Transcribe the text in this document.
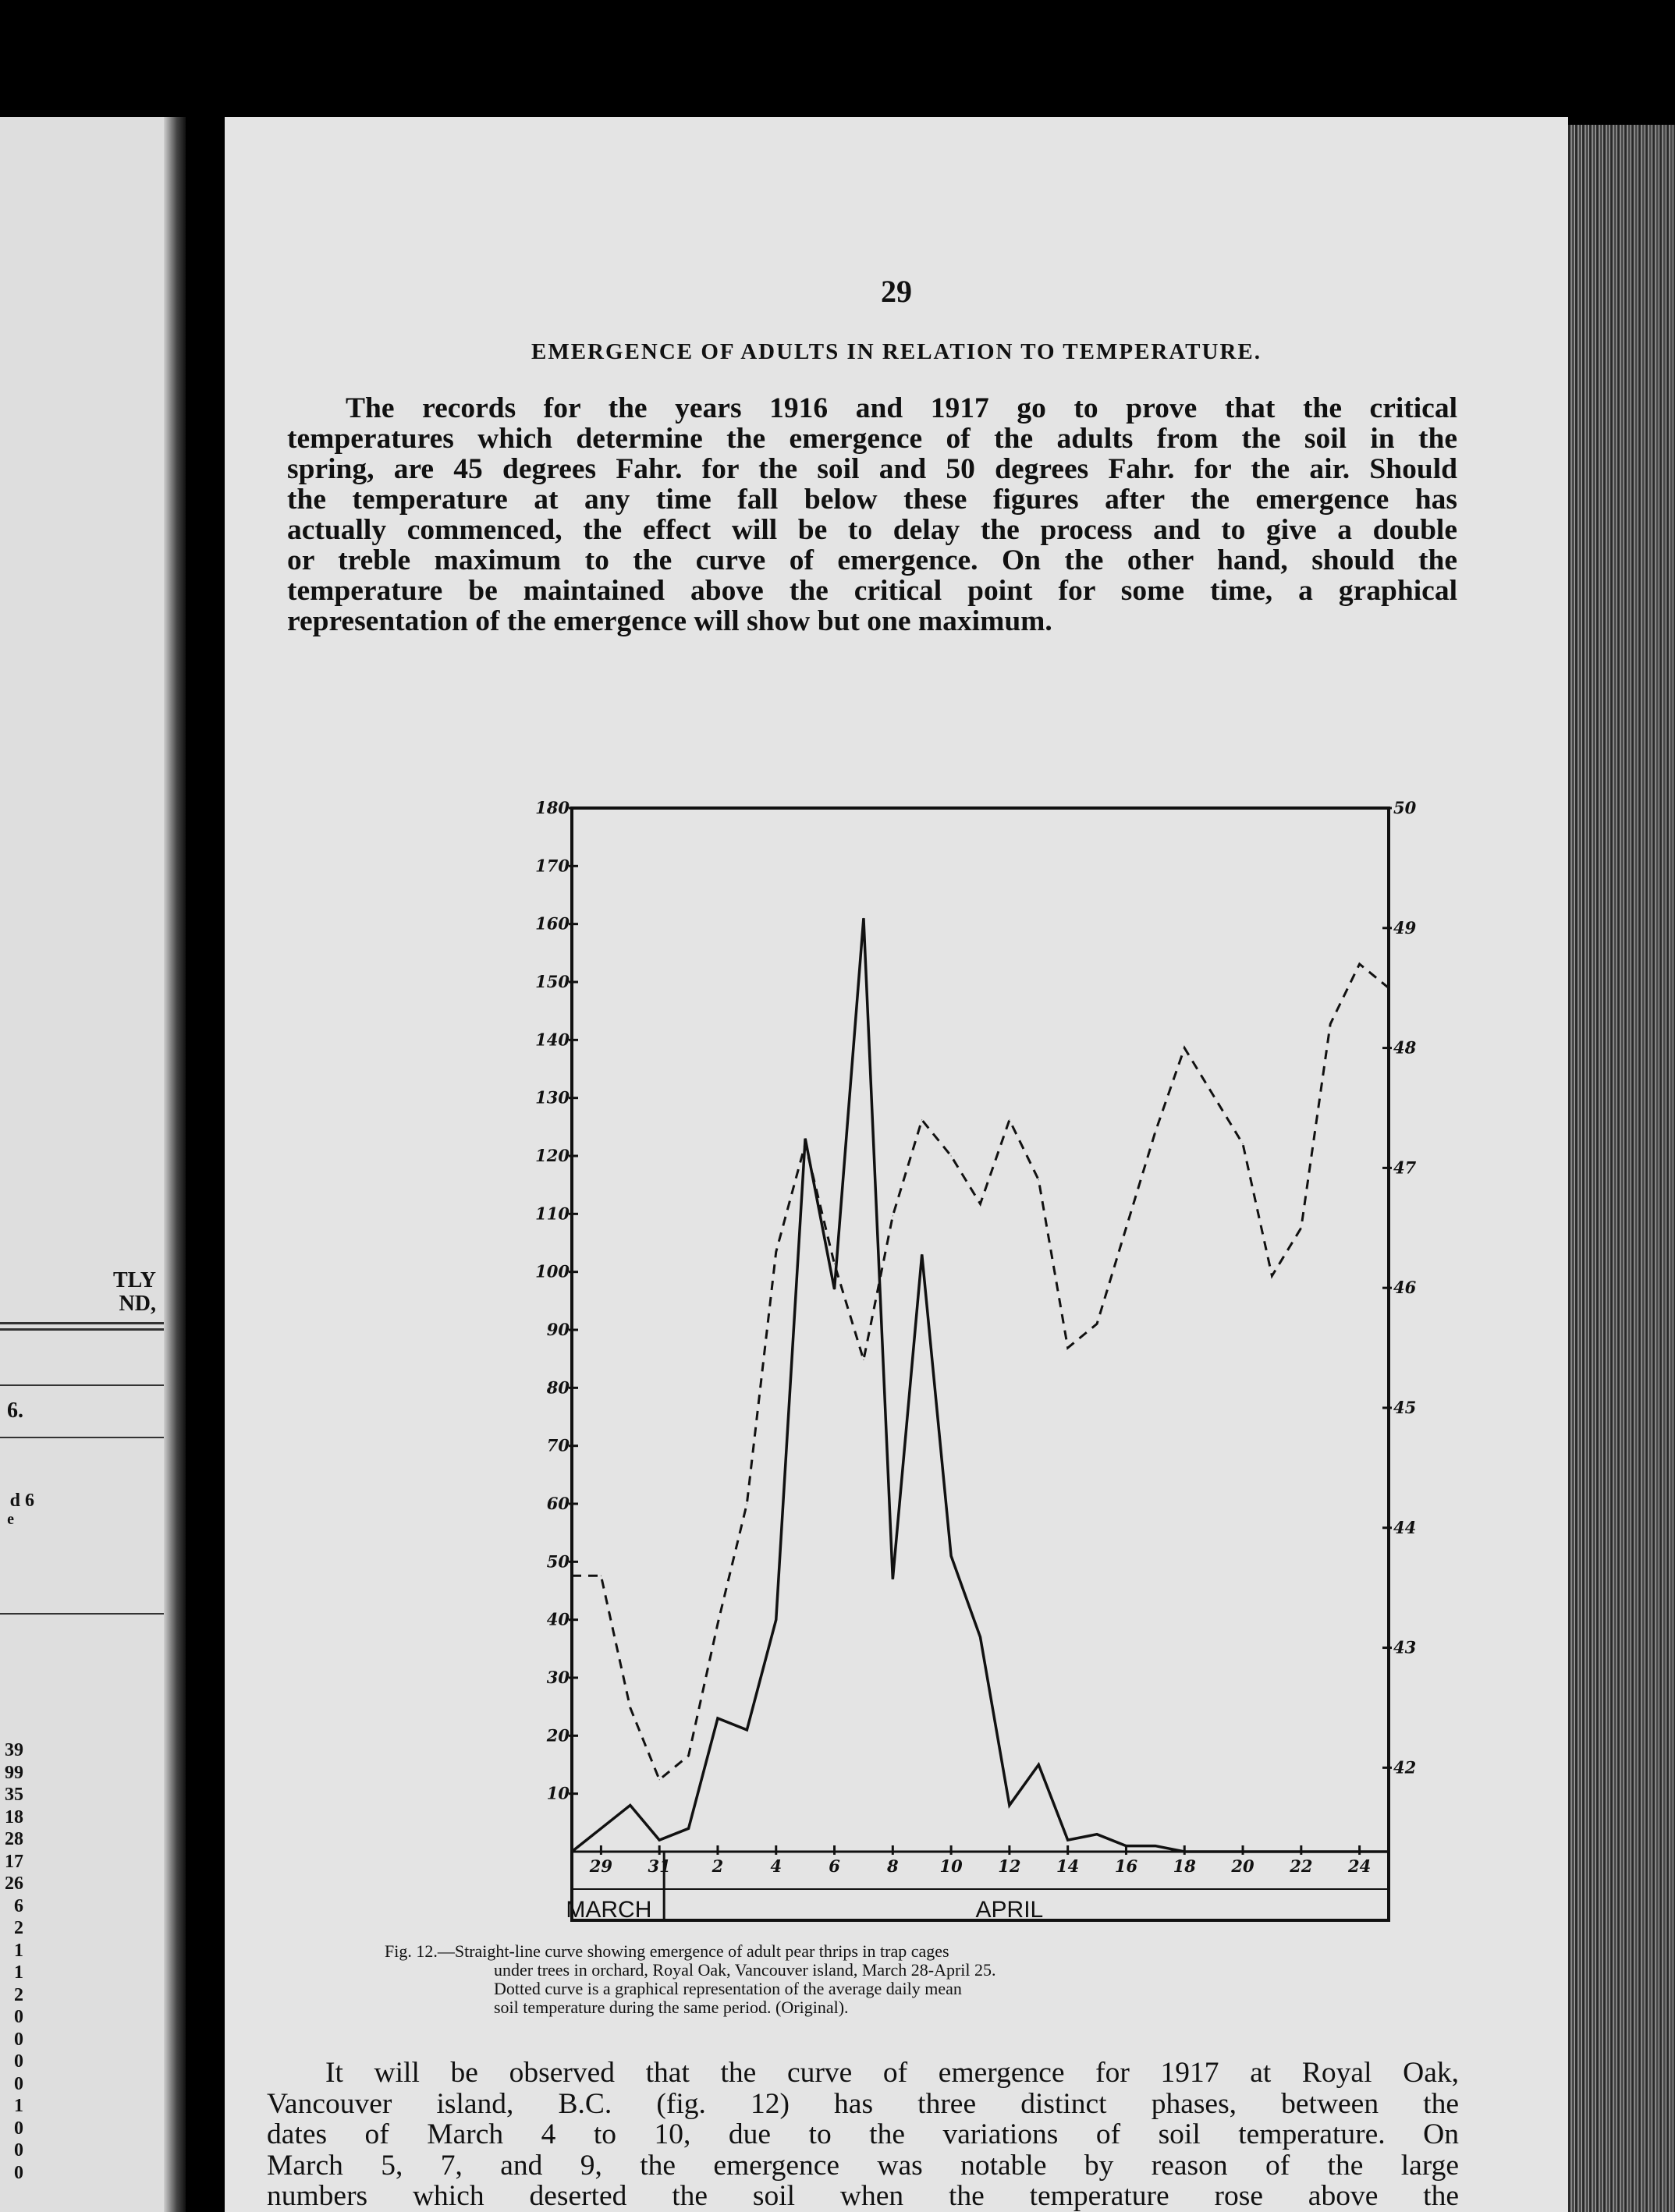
TLY
ND,
6.
d 6
e
39
99
35
18
28
17
26
6
2
1
1
2
0
0
0
0
1
0
0
0
29
EMERGENCE OF ADULTS IN RELATION TO TEMPERATURE.

The records for the years 1916 and 1917 go to prove that the critical

temperatures which determine the emergence of the adults from the soil in the

spring, are 45 degrees Fahr. for the soil and 50 degrees Fahr. for the air. Should

the temperature at any time fall below these figures after the emergence has

actually commenced, the effect will be to delay the process and to give a double

or treble maximum to the curve of emergence. On the other hand, should the

temperature be maintained above the critical point for some time, a graphical

representation of the emergence will show but one maximum.

180
170
160
150
140
130
120
110
100
90
80
70
60
50
40
30
20
10
50
49
48
47
46
45
44
43
42
29 31	2	4	6	8	10 12 14 16 18 20 22 24
MARCH	APRIL
Fig. 12.—Straight-line curve showing emergence of adult pear thrips in trap cages
under trees in orchard, Royal Oak, Vancouver island, March 28-April 25.
Dotted curve is a graphical representation of the average daily mean
soil temperature during the same period. (Original).

It will be observed that the curve of emergence for 1917 at Royal Oak,

Vancouver island, B.C. (fig. 12) has three distinct phases, between the

dates of March 4 to 10, due to the variations of soil temperature. On

March 5, 7, and 9, the emergence was notable by reason of the large

numbers which deserted the soil when the temperature rose above the
